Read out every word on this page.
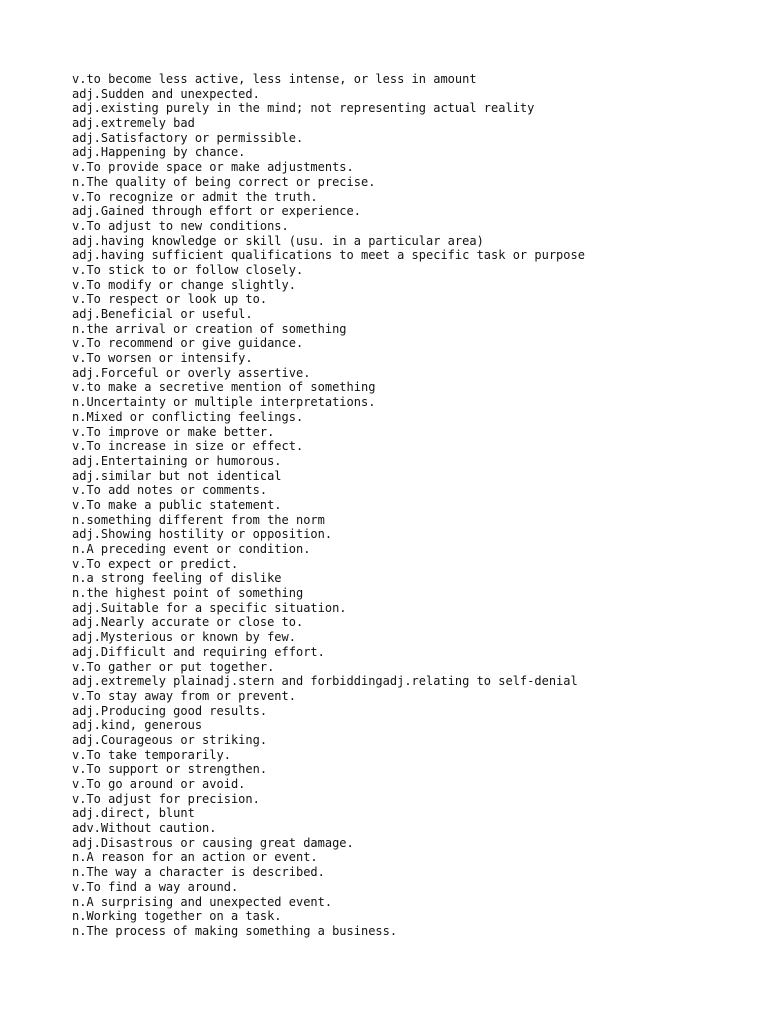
v.to become less active, less intense, or less in amount
adj.Sudden and unexpected.
adj.existing purely in the mind; not representing actual reality
adj.extremely bad
adj.Satisfactory or permissible.
adj.Happening by chance.
v.To provide space or make adjustments.
n.The quality of being correct or precise.
v.To recognize or admit the truth.
adj.Gained through effort or experience.
v.To adjust to new conditions.
adj.having knowledge or skill (usu. in a particular area)
adj.having sufficient qualifications to meet a specific task or purpose
v.To stick to or follow closely.
v.To modify or change slightly.
v.To respect or look up to.
adj.Beneficial or useful.
n.the arrival or creation of something
v.To recommend or give guidance.
v.To worsen or intensify.
adj.Forceful or overly assertive.
v.to make a secretive mention of something
n.Uncertainty or multiple interpretations.
n.Mixed or conflicting feelings.
v.To improve or make better.
v.To increase in size or effect.
adj.Entertaining or humorous.
adj.similar but not identical
v.To add notes or comments.
v.To make a public statement.
n.something different from the norm
adj.Showing hostility or opposition.
n.A preceding event or condition.
v.To expect or predict.
n.a strong feeling of dislike
n.the highest point of something
adj.Suitable for a specific situation.
adj.Nearly accurate or close to.
adj.Mysterious or known by few.
adj.Difficult and requiring effort.
v.To gather or put together.
adj.extremely plainadj.stern and forbiddingadj.relating to self-denial
v.To stay away from or prevent.
adj.Producing good results.
adj.kind, generous
adj.Courageous or striking.
v.To take temporarily.
v.To support or strengthen.
v.To go around or avoid.
v.To adjust for precision.
adj.direct, blunt
adv.Without caution.
adj.Disastrous or causing great damage.
n.A reason for an action or event.
n.The way a character is described.
v.To find a way around.
n.A surprising and unexpected event.
n.Working together on a task.
n.The process of making something a business.
